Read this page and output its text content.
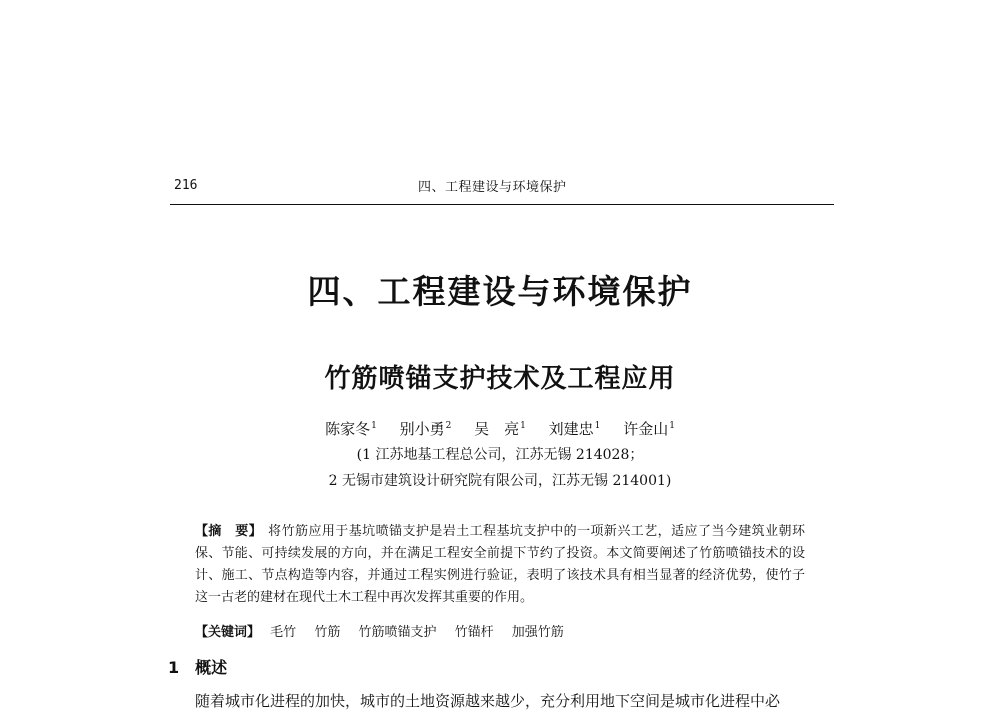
216	四、工程建设与环境保护
四、工程建设与环境保护
竹筋喷锚支护技术及工程应用
陈家冬$^1$ 别小勇$^2$ 吴　亮$^1$ 刘建忠$^1$ 许金山$^1$
(1 江苏地基工程总公司，江苏无锡 214028；
2 无锡市建筑设计研究院有限公司，江苏无锡 214001)
【摘　要】 将竹筋应用于基坑喷锚支护是岩土工程基坑支护中的一项新兴工艺，适应了当今建筑业朝环保、节能、可持续发展的方向，并在满足工程安全前提下节约了投资。本文简要阐述了竹筋喷锚技术的设计、施工、节点构造等内容，并通过工程实例进行验证，表明了该技术具有相当显著的经济优势，使竹子这一古老的建材在现代土木工程中再次发挥其重要的作用。
【关键词】 毛竹 竹筋 竹筋喷锚支护 竹锚杆 加强竹筋
1 概述
随着城市化进程的加快，城市的土地资源越来越少，充分利用地下空间是城市化进程中必
